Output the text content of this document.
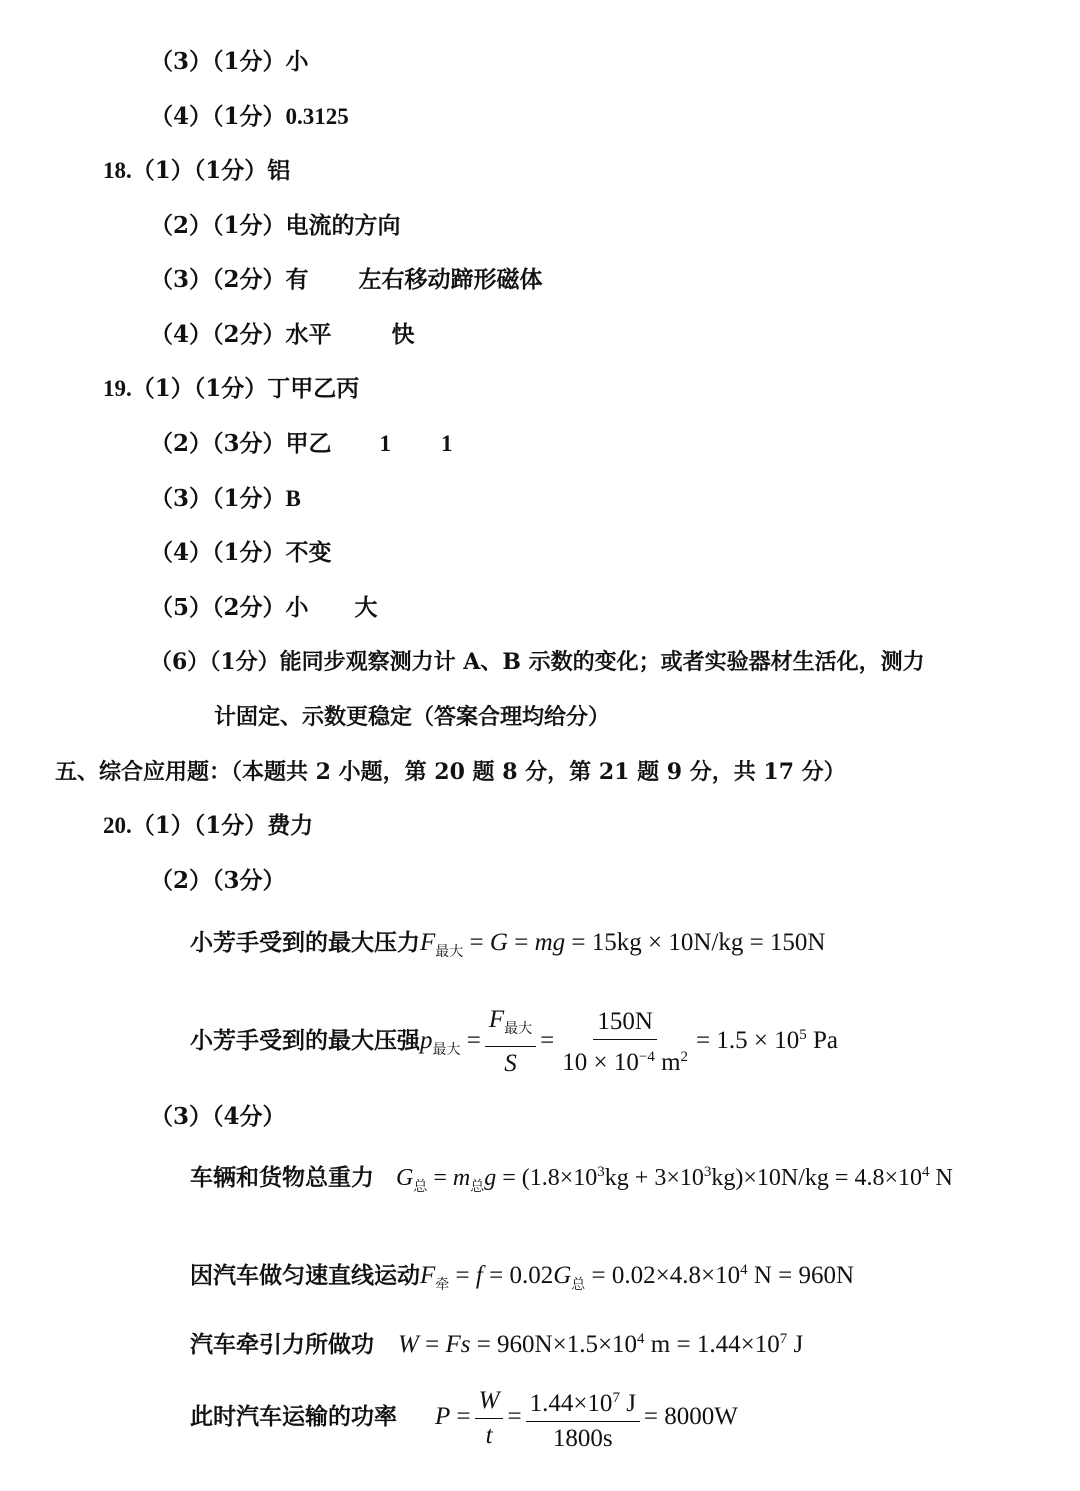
（3）（1分）小
（4）（1分）0.3125
18.（1）（1分）铝
（2）（1分）电流的方向
（3）（2分）有 左右移动蹄形磁体
（4）（2分）水平	快
19.（1）（1分）丁甲乙丙
（2）（3分）甲乙 1 1
（3）（1分）B
（4）（1分）不变
（5）（2分）小 大
（6）（1分）能同步观察测力计 A、B 示数的变化；或者实验器材生活化，测力
计固定、示数更稳定（答案合理均给分）
五、综合应用题：（本题共 2 小题，第 20 题 8 分，第 21 题 9 分，共 17 分）
20.（1）（1分）费力
（2）（3分）
小芳手受到的最大压力$F_{最大} = G$ = mg = 15kg × 10N/kg = 150N
小芳手受到的最大压强$p_{最大} = \frac{F_{最大}}{S} = \frac{150N}{10 \times 10^{-4} m^2} = 1.5 \times 10^5$ Pa
（3）（4分）
车辆和货物总重力 $G_总 = m_总g = (1.8\times 10^3kg + 3\times 10^3kg)\times 10N/kg = 4.8\times 10^4$ N
因汽车做匀速直线运动$F_牵 = f = 0.02G_总 = 0.02\times 4.8\times 10^4$ N = 960N
汽车牵引力所做功 $W = Fs = 960N\times 1.5\times 10^4$ $m = 1.44\times 10^7$ J
此时汽车运输的功率 $P = \frac{W}{t} = \frac{1.44\times 10^7 J}{1800s} = 8000W$
